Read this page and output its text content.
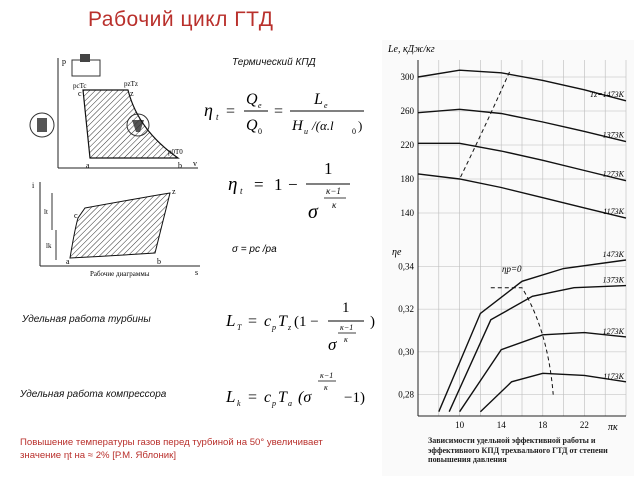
Рабочий цикл ГТД
p
v
pcTc	pzTz
p0T0
a	b
c	z
i
s
lt
lk
z
c
a	b
Рабочие диаграммы
Термический КПД
η t =
Q e
Q 0
=
L e
H u /(α.l 0 )
η t = 1 −
1
σ
κ−1
κ
σ = pc /pa
Удельная работа турбины	L T = c p T z (1 −
1
σ
κ−1
κ
)
Удельная работа компрессора	L k = c p T a (σ
κ−1
κ
−1)
Повышение температуры газов перед турбиной на 50° увеличивает значение ηt на ≈ 2% [Р.М. Яблоник]
300
260
220
180
140
0,34
0,32
0,30
0,28
10	14	18	22
Tz=1473K
1373K
1273K
1173K
1473K
1373K
1273K
1173K
Le, кДж/кг
ηe
πк
ηp=0
Зависимости удельной эффективной работы и эффективного КПД трехвального ГТД от степени повышения давления
